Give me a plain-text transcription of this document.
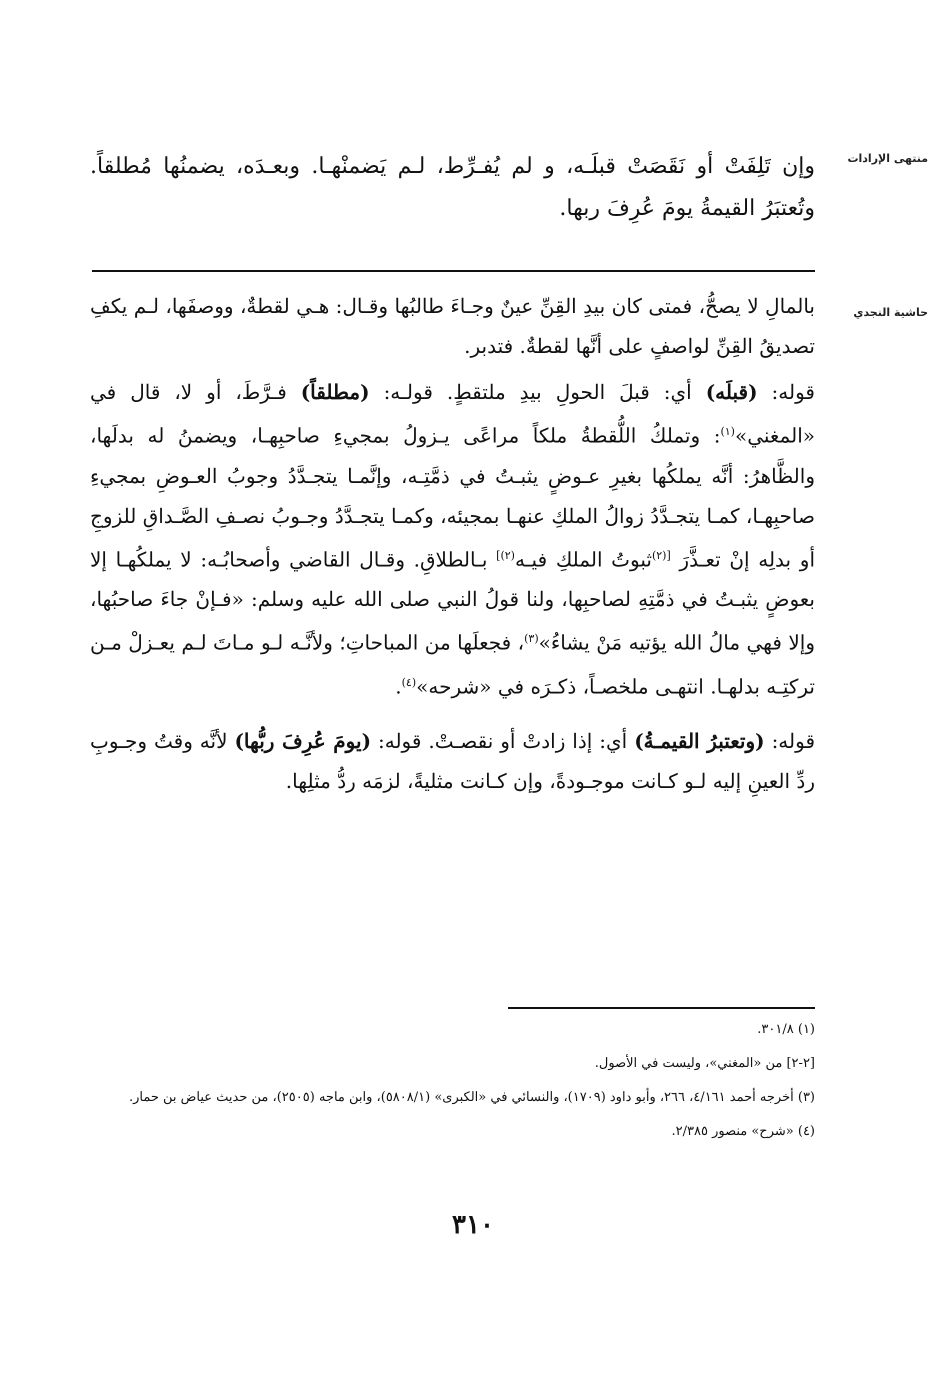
منتهى الإرادات
حاشية النجدي
وإن تَلِفَتْ أو نَقَصَتْ قبلَـه، و لم يُفـرِّط، لـم يَضمنْهـا. وبعـدَه، يضمنُها مُطلقاً. وتُعتبَرُ القيمةُ يومَ عُرِفَ ربها.

بالمالِ لا يصحُّ، فمتى كان بيدِ القِنِّ عينٌ وجـاءَ طالبُها وقـال: هـي لقطةٌ، ووصفَها، لـم يكفِ تصديقُ القِنِّ لواصفٍ على أنَّها لقطةٌ. فتدبر.

قوله: (قبلَه) أي: قبلَ الحولِ بيدِ ملتقطٍ. قولـه: (مطلقاً) فـرَّطَ، أو لا، قال في «المغني»$^{(١)}$: وتملكُ اللُّقطةُ ملكاً مراعًى يـزولُ بمجيءِ صاحبِهـا، ويضمنُ له بدلَها، والظَّاهرُ: أنَّه يملكُها بغيرِ عـوضٍ يثبـتُ في ذمَّتِـه، وإنَّمـا يتجـدَّدُ وجوبُ العـوضِ بمجيءِ صاحبِهـا، كمـا يتجـدَّدُ زوالُ الملكِ عنهـا بمجيئه، وكمـا يتجـدَّدُ وجـوبُ نصـفِ الصَّـداقِ للزوجِ أو بدلِه إنْ تعـذَّرَ $^{[(٢)}$ثبوتُ الملكِ فيـه$^{(٢)]}$ بـالطلاقِ. وقـال القاضي وأصحابُـه: لا يملكُهـا إلا بعوضٍ يثبـتُ في ذمَّتِهِ لصاحبِها، ولنا قولُ النبي صلى الله عليه وسلم: «فـإنْ جاءَ صاحبُها، وإلا فهي مالُ الله يؤتيه مَنْ يشاءُ»$^{(٣)}$، فجعلَها من المباحاتِ؛ ولأنَّـه لـو مـاتَ لـم يعـزلْ مـن تركتِـه بدلهـا. انتهـى ملخصـاً، ذكـرَه في «شرحه»$^{(٤)}$.

قوله: (وتعتبرُ القيمـةُ) أي: إذا زادتْ أو نقصـتْ. قوله: (يومَ عُرِفَ ربُّها) لأنَّه وقتُ وجـوبِ ردِّ العينِ إليه لـو كـانت موجـودةً، وإن كـانت مثليةً، لزمَه ردُّ مثلِها.

(١) ٣٠١/٨.

[٢-٢] من «المغني»، وليست في الأصول.

(٣) أخرجه أحمد ٤/١٦١، ٢٦٦، وأبو داود (١٧٠٩)، والنسائي في «الكبرى» (٥٨٠٨/١)، وابن ماجه (٢٥٠٥)، من حديث عياض بن حمار.

(٤) «شرح» منصور ٢/٣٨٥.

٣١٠
